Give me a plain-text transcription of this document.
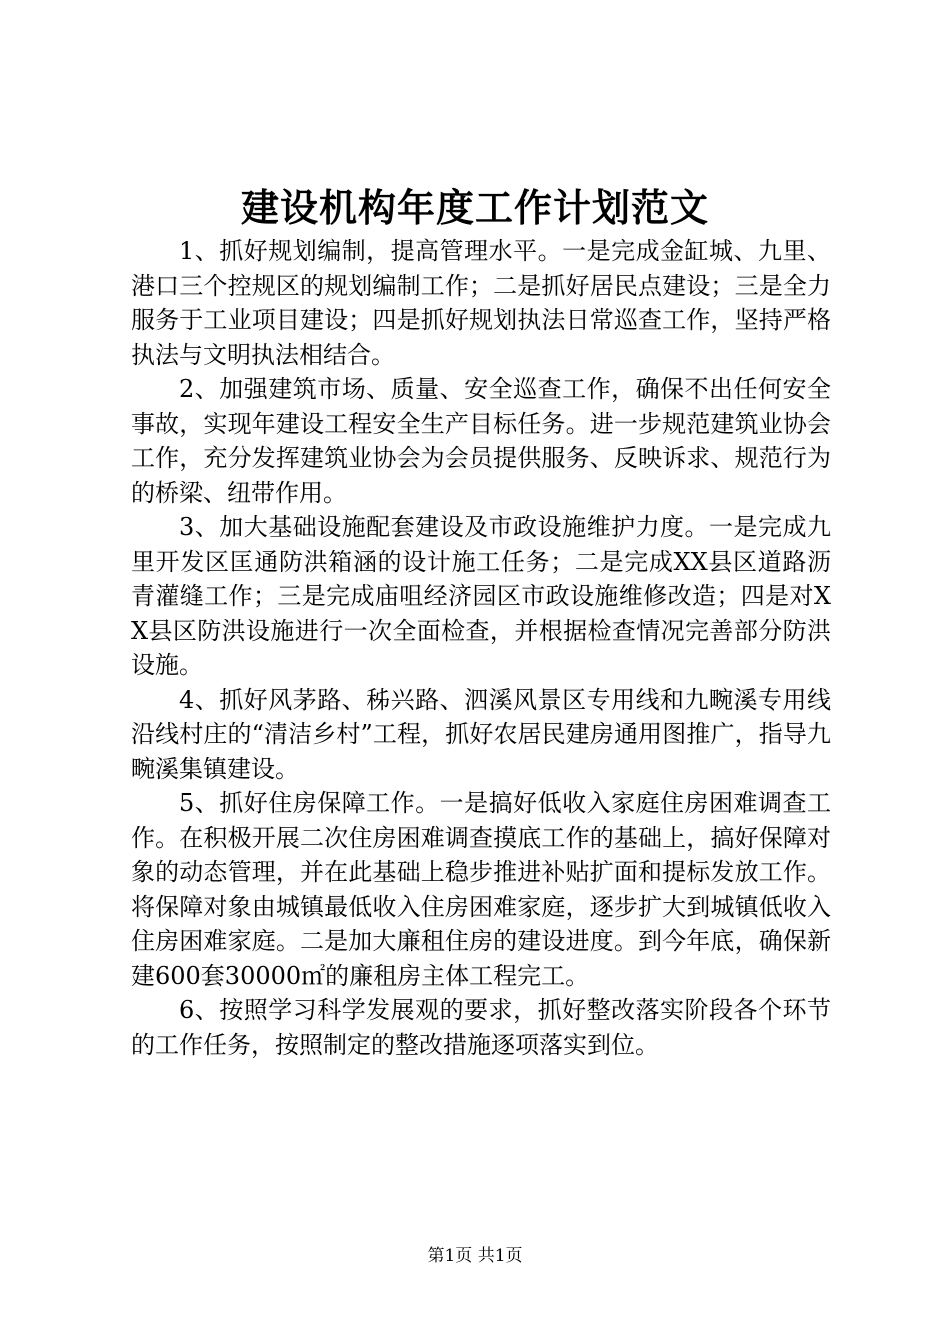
建设机构年度工作计划范文

1、抓好规划编制，提高管理水平。一是完成金缸城、九里、港口三个控规区的规划编制工作；二是抓好居民点建设；三是全力服务于工业项目建设；四是抓好规划执法日常巡查工作，坚持严格执法与文明执法相结合。

2、加强建筑市场、质量、安全巡查工作，确保不出任何安全事故，实现年建设工程安全生产目标任务。进一步规范建筑业协会工作，充分发挥建筑业协会为会员提供服务、反映诉求、规范行为的桥梁、纽带作用。

3、加大基础设施配套建设及市政设施维护力度。一是完成九里开发区匡通防洪箱涵的设计施工任务；二是完成XX县区道路沥青灌缝工作；三是完成庙咀经济园区市政设施维修改造；四是对XX县区防洪设施进行一次全面检查，并根据检查情况完善部分防洪设施。

4、抓好风茅路、秭兴路、泗溪风景区专用线和九畹溪专用线沿线村庄的“清洁乡村”工程，抓好农居民建房通用图推广，指导九畹溪集镇建设。

5、抓好住房保障工作。一是搞好低收入家庭住房困难调查工作。在积极开展二次住房困难调查摸底工作的基础上，搞好保障对象的动态管理，并在此基础上稳步推进补贴扩面和提标发放工作。将保障对象由城镇最低收入住房困难家庭，逐步扩大到城镇低收入住房困难家庭。二是加大廉租住房的建设进度。到今年底，确保新建600套30000㎡的廉租房主体工程完工。

6、按照学习科学发展观的要求，抓好整改落实阶段各个环节的工作任务，按照制定的整改措施逐项落实到位。

第1页 共1页
